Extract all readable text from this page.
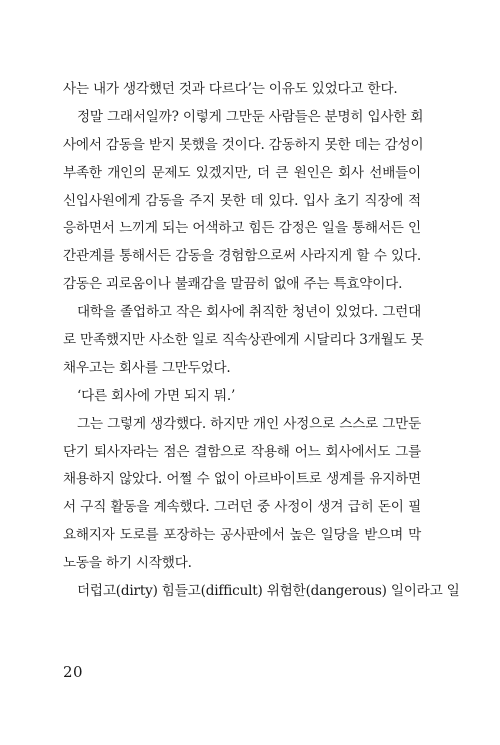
사는 내가 생각했던 것과 다르다’는 이유도 있었다고 한다.
정말 그래서일까? 이렇게 그만둔 사람들은 분명히 입사한 회
사에서 감동을 받지 못했을 것이다. 감동하지 못한 데는 감성이
부족한 개인의 문제도 있겠지만, 더 큰 원인은 회사 선배들이
신입사원에게 감동을 주지 못한 데 있다. 입사 초기 직장에 적
응하면서 느끼게 되는 어색하고 힘든 감정은 일을 통해서든 인
간관계를 통해서든 감동을 경험함으로써 사라지게 할 수 있다.
감동은 괴로움이나 불쾌감을 말끔히 없애 주는 특효약이다.
대학을 졸업하고 작은 회사에 취직한 청년이 있었다. 그런대
로 만족했지만 사소한 일로 직속상관에게 시달리다 3개월도 못
채우고는 회사를 그만두었다.
‘다른 회사에 가면 되지 뭐.’
그는 그렇게 생각했다. 하지만 개인 사정으로 스스로 그만둔
단기 퇴사자라는 점은 결함으로 작용해 어느 회사에서도 그를
채용하지 않았다. 어쩔 수 없이 아르바이트로 생계를 유지하면
서 구직 활동을 계속했다. 그러던 중 사정이 생겨 급히 돈이 필
요해지자 도로를 포장하는 공사판에서 높은 일당을 받으며 막
노동을 하기 시작했다.
더럽고(dirty) 힘들고(difficult) 위험한(dangerous) 일이라고 일
20
